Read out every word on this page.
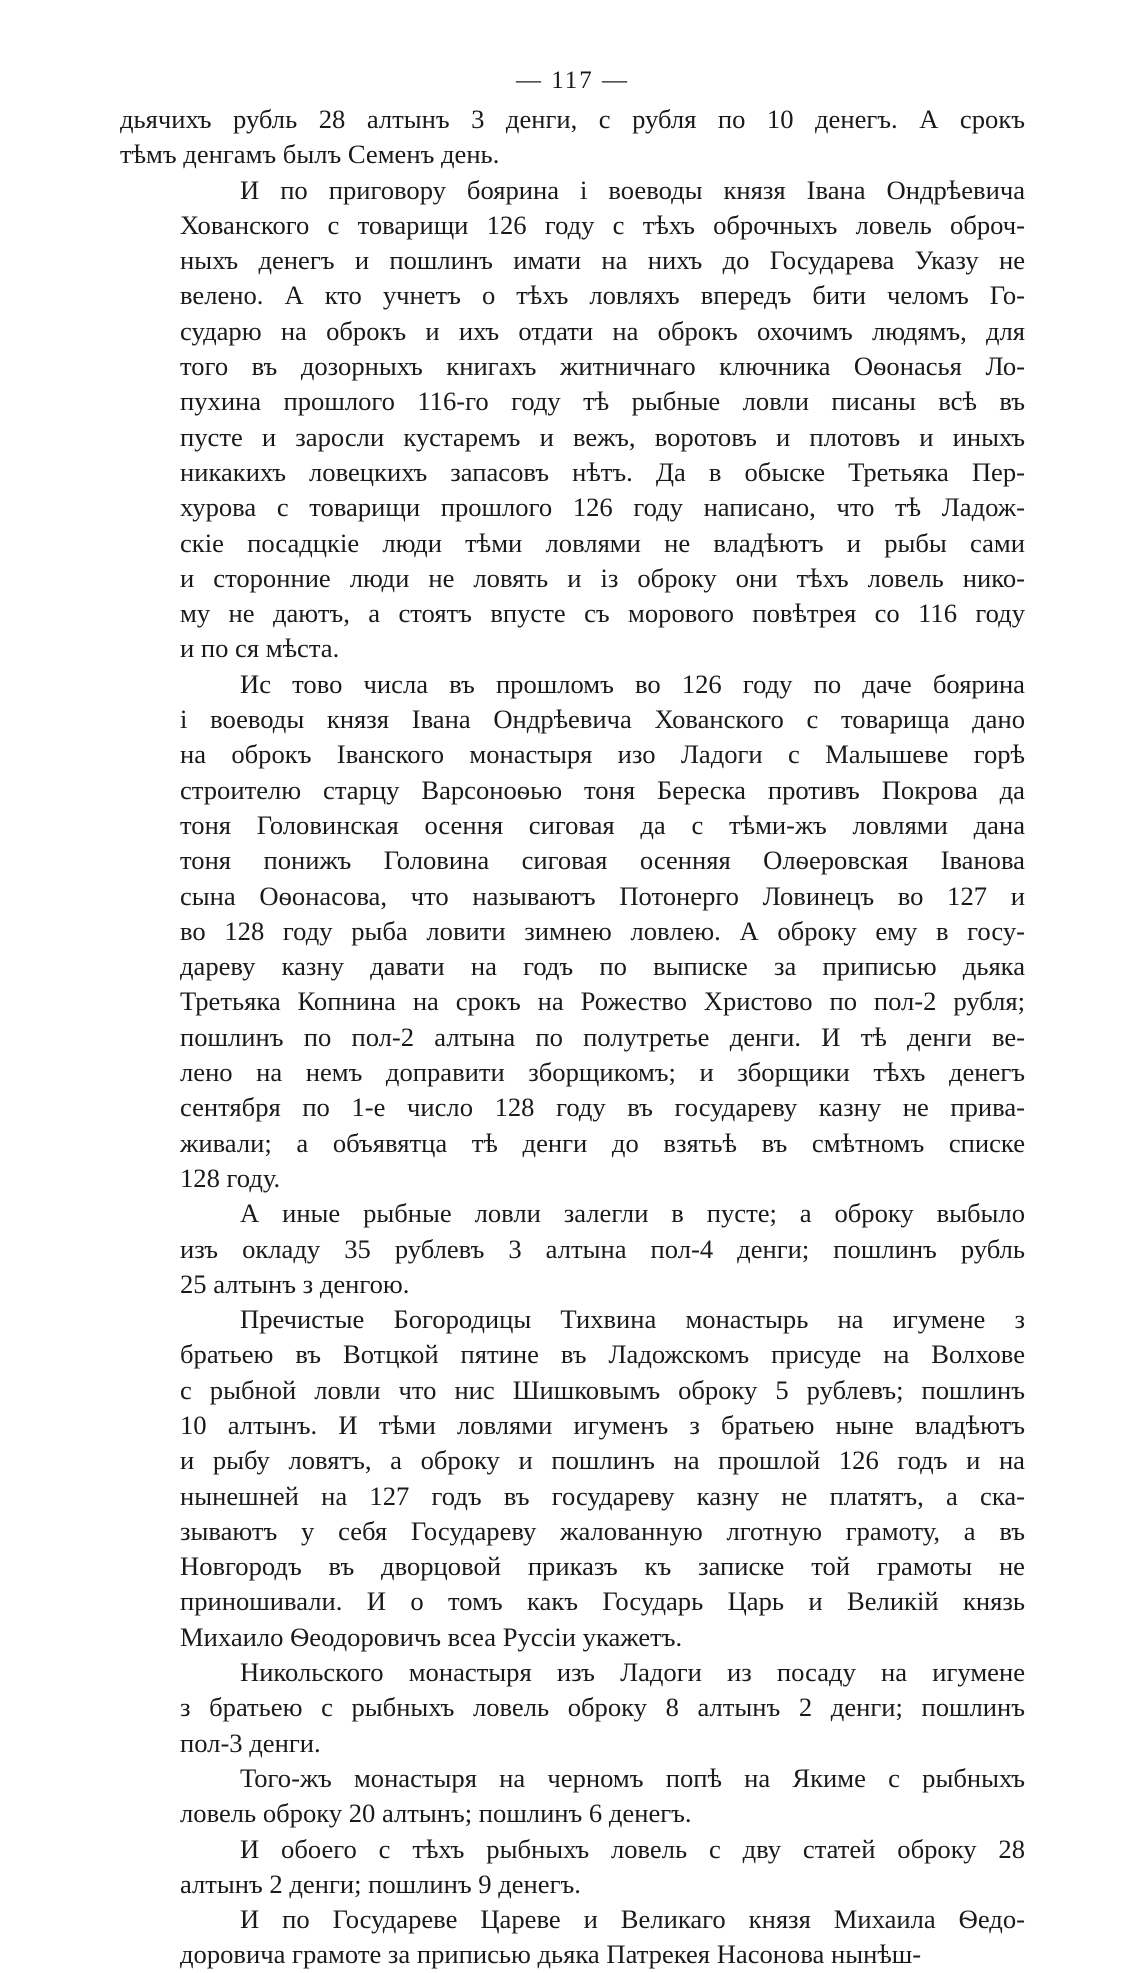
— 117 —
дьячихъ рубль 28 алтынъ 3 денги, с рубля по 10 денегъ. А срокъ
тѣмъ денгамъ былъ Семенъ день.
И по приговору боярина і воеводы князя Івана Ондрѣевича
Хованского с товарищи 126 году с тѣхъ оброчныхъ ловель оброч-
ныхъ денегъ и пошлинъ имати на нихъ до Государева Указу не
велено. А кто учнетъ о тѣхъ ловляхъ впередъ бити челомъ Го-
сударю на оброкъ и ихъ отдати на оброкъ охочимъ людямъ, для
того въ дозорныхъ книгахъ житничнаго ключника Оѳонасья Ло-
пухина прошлого 116-го году тѣ рыбные ловли писаны всѣ въ
пусте и заросли кустаремъ и вежъ, воротовъ и плотовъ и иныхъ
никакихъ ловецкихъ запасовъ нѣтъ. Да в обыске Третьяка Пер-
хурова с товарищи прошлого 126 году написано, что тѣ Ладож-
скіе посадцкіе люди тѣми ловлями не владѣютъ и рыбы сами
и сторонние люди не ловять и із оброку они тѣхъ ловель нико-
му не даютъ, а стоятъ впусте съ морового повѣтрея со 116 году
и по ся мѣста.
Ис тово числа въ прошломъ во 126 году по даче боярина
і воеводы князя Івана Ондрѣевича Хованского с товарища дано
на оброкъ Іванского монастыря изо Ладоги с Малышеве горѣ
строителю старцу Варсоноѳью тоня Береска противъ Покрова да
тоня Головинская осення сиговая да с тѣми-жъ ловлями дана
тоня понижъ Головина сиговая осенняя Олѳеровская Іванова
сына Оѳонасова, что называютъ Потонерго Ловинецъ во 127 и
во 128 году рыба ловити зимнею ловлею. А оброку ему в госу-
дареву казну давати на годъ по выписке за приписью дьяка
Третьяка Копнина на срокъ на Рожество Христово по пол-2 рубля;
пошлинъ по пол-2 алтына по полутретье денги. И тѣ денги ве-
лено на немъ доправити зборщикомъ; и зборщики тѣхъ денегъ
сентября по 1-е число 128 году въ государеву казну не прива-
живали; а объявятца тѣ денги до взятьѣ въ смѣтномъ списке
128 году.
А иные рыбные ловли залегли в пусте; а оброку выбыло
изъ окладу 35 рублевъ 3 алтына пол-4 денги; пошлинъ рубль
25 алтынъ з денгою.
Пречистые Богородицы Тихвина монастырь на игумене з
братьею въ Вотцкой пятине въ Ладожскомъ присуде на Волхове
с рыбной ловли что нис Шишковымъ оброку 5 рублевъ; пошлинъ
10 алтынъ. И тѣми ловлями игуменъ з братьею ныне владѣютъ
и рыбу ловятъ, а оброку и пошлинъ на прошлой 126 годъ и на
нынешней на 127 годъ въ государеву казну не платятъ, а ска-
зываютъ у себя Государеву жалованную лготную грамоту, а въ
Новгородъ въ дворцовой приказъ къ записке той грамоты не
приношивали. И о томъ какъ Государь Царь и Великій князь
Михаило Ѳеодоровичъ всеа Руссіи укажетъ.
Никольского монастыря изъ Ладоги из посаду на игумене
з братьею с рыбныхъ ловель оброку 8 алтынъ 2 денги; пошлинъ
пол-3 денги.
Того-жъ монастыря на черномъ попѣ на Якиме с рыбныхъ
ловель оброку 20 алтынъ; пошлинъ 6 денегъ.
И обоего с тѣхъ рыбныхъ ловель с дву статей оброку 28
алтынъ 2 денги; пошлинъ 9 денегъ.
И по Государеве Цареве и Великаго князя Михаила Ѳедо-
доровича грамоте за приписью дьяка Патрекея Насонова нынѣш-
